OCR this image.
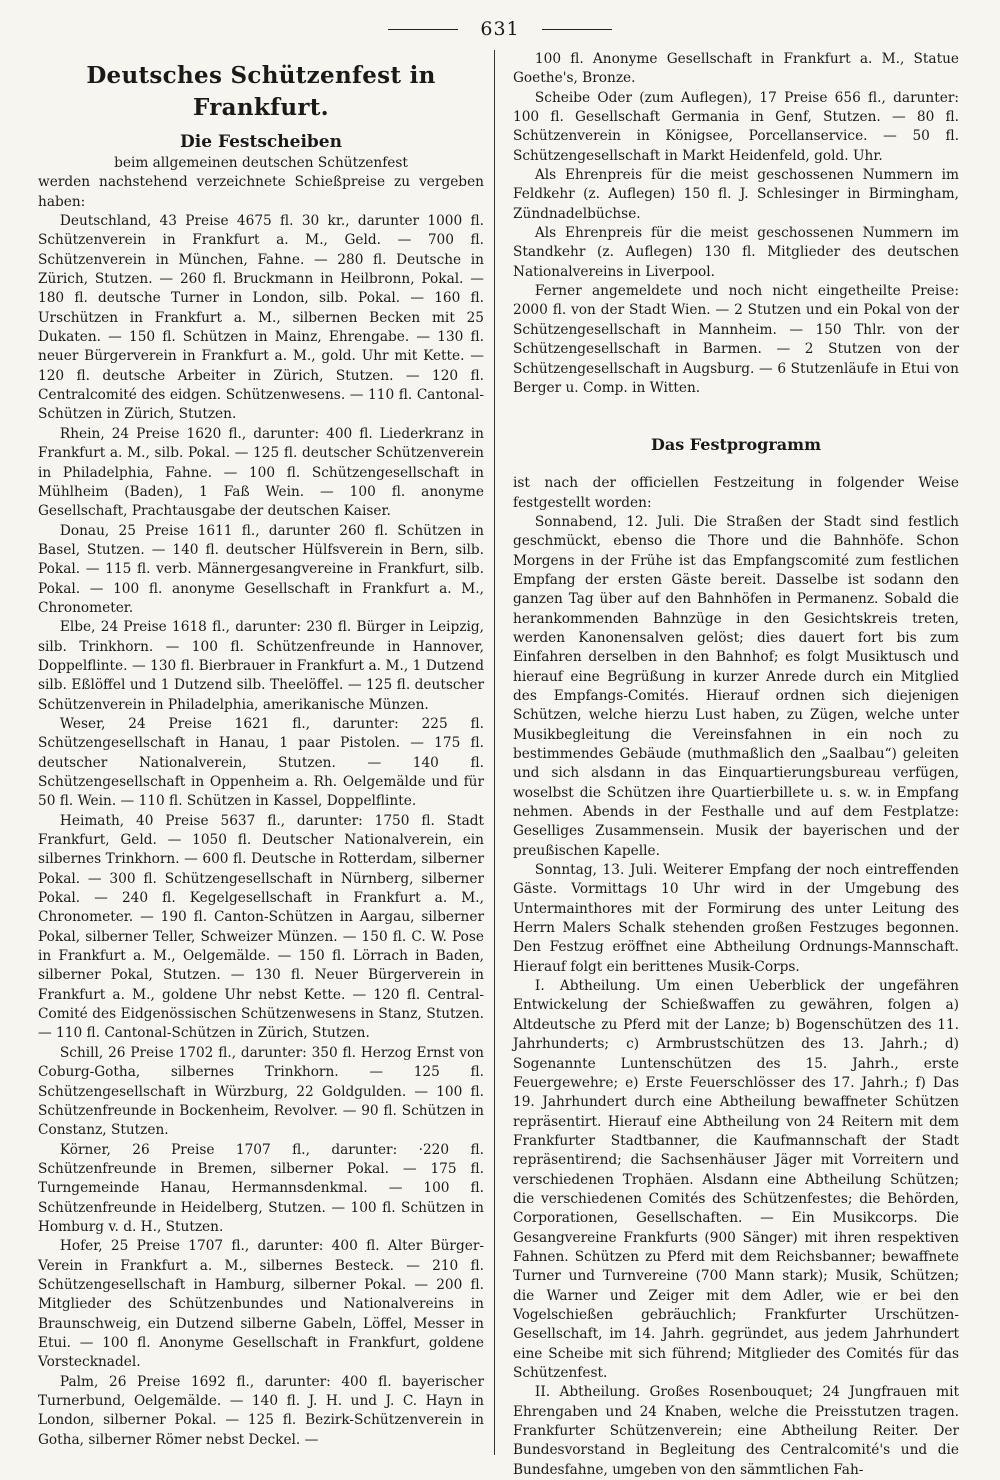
631
Deutsches Schützenfest in Frankfurt.
Die Festscheiben

beim allgemeinen deutschen Schützenfest

werden nachstehend verzeichnete Schießpreise zu vergeben haben:

Deutschland, 43 Preise 4675 fl. 30 kr., darunter 1000 fl. Schützenverein in Frankfurt a. M., Geld. — 700 fl. Schützenverein in München, Fahne. — 280 fl. Deutsche in Zürich, Stutzen. — 260 fl. Bruckmann in Heilbronn, Pokal. — 180 fl. deutsche Turner in London, silb. Pokal. — 160 fl. Urschützen in Frankfurt a. M., silbernen Becken mit 25 Dukaten. — 150 fl. Schützen in Mainz, Ehrengabe. — 130 fl. neuer Bürgerverein in Frankfurt a. M., gold. Uhr mit Kette. — 120 fl. deutsche Arbeiter in Zürich, Stutzen. — 120 fl. Centralcomité des eidgen. Schützenwesens. — 110 fl. Cantonal-Schützen in Zürich, Stutzen.

Rhein, 24 Preise 1620 fl., darunter: 400 fl. Liederkranz in Frankfurt a. M., silb. Pokal. — 125 fl. deutscher Schützenverein in Philadelphia, Fahne. — 100 fl. Schützengesellschaft in Mühlheim (Baden), 1 Faß Wein. — 100 fl. anonyme Gesellschaft, Prachtausgabe der deutschen Kaiser.

Donau, 25 Preise 1611 fl., darunter 260 fl. Schützen in Basel, Stutzen. — 140 fl. deutscher Hülfsverein in Bern, silb. Pokal. — 115 fl. verb. Männergesangvereine in Frankfurt, silb. Pokal. — 100 fl. anonyme Gesellschaft in Frankfurt a. M., Chronometer.

Elbe, 24 Preise 1618 fl., darunter: 230 fl. Bürger in Leipzig, silb. Trinkhorn. — 100 fl. Schützenfreunde in Hannover, Doppelflinte. — 130 fl. Bierbrauer in Frankfurt a. M., 1 Dutzend silb. Eßlöffel und 1 Dutzend silb. Theelöffel. — 125 fl. deutscher Schützenverein in Philadelphia, amerikanische Münzen.

Weser, 24 Preise 1621 fl., darunter: 225 fl. Schützengesellschaft in Hanau, 1 paar Pistolen. — 175 fl. deutscher Nationalverein, Stutzen. — 140 fl. Schützengesellschaft in Oppenheim a. Rh. Oelgemälde und für 50 fl. Wein. — 110 fl. Schützen in Kassel, Doppelflinte.

Heimath, 40 Preise 5637 fl., darunter: 1750 fl. Stadt Frankfurt, Geld. — 1050 fl. Deutscher Nationalverein, ein silbernes Trinkhorn. — 600 fl. Deutsche in Rotterdam, silberner Pokal. — 300 fl. Schützengesellschaft in Nürnberg, silberner Pokal. — 240 fl. Kegelgesellschaft in Frankfurt a. M., Chronometer. — 190 fl. Canton-Schützen in Aargau, silberner Pokal, silberner Teller, Schweizer Münzen. — 150 fl. C. W. Pose in Frankfurt a. M., Oelgemälde. — 150 fl. Lörrach in Baden, silberner Pokal, Stutzen. — 130 fl. Neuer Bürgerverein in Frankfurt a. M., goldene Uhr nebst Kette. — 120 fl. Central-Comité des Eidgenössischen Schützenwesens in Stanz, Stutzen. — 110 fl. Cantonal-Schützen in Zürich, Stutzen.

Schill, 26 Preise 1702 fl., darunter: 350 fl. Herzog Ernst von Coburg-Gotha, silbernes Trinkhorn. — 125 fl. Schützengesellschaft in Würzburg, 22 Goldgulden. — 100 fl. Schützenfreunde in Bockenheim, Revolver. — 90 fl. Schützen in Constanz, Stutzen.

Körner, 26 Preise 1707 fl., darunter: ·220 fl. Schützenfreunde in Bremen, silberner Pokal. — 175 fl. Turngemeinde Hanau, Hermannsdenkmal. — 100 fl. Schützenfreunde in Heidelberg, Stutzen. — 100 fl. Schützen in Homburg v. d. H., Stutzen.

Hofer, 25 Preise 1707 fl., darunter: 400 fl. Alter Bürger-Verein in Frankfurt a. M., silbernes Besteck. — 210 fl. Schützengesellschaft in Hamburg, silberner Pokal. — 200 fl. Mitglieder des Schützenbundes und Nationalvereins in Braunschweig, ein Dutzend silberne Gabeln, Löffel, Messer in Etui. — 100 fl. Anonyme Gesellschaft in Frankfurt, goldene Vorstecknadel.

Palm, 26 Preise 1692 fl., darunter: 400 fl. bayerischer Turnerbund, Oelgemälde. — 140 fl. J. H. und J. C. Hayn in London, silberner Pokal. — 125 fl. Bezirk-Schützenverein in Gotha, silberner Römer nebst Deckel. —

100 fl. Anonyme Gesellschaft in Frankfurt a. M., Statue Goethe's, Bronze.

Scheibe Oder (zum Auflegen), 17 Preise 656 fl., darunter: 100 fl. Gesellschaft Germania in Genf, Stutzen. — 80 fl. Schützenverein in Königsee, Porcellanservice. — 50 fl. Schützengesellschaft in Markt Heidenfeld, gold. Uhr.

Als Ehrenpreis für die meist geschossenen Nummern im Feldkehr (z. Auflegen) 150 fl. J. Schlesinger in Birmingham, Zündnadelbüchse.

Als Ehrenpreis für die meist geschossenen Nummern im Standkehr (z. Auflegen) 130 fl. Mitglieder des deutschen Nationalvereins in Liverpool.

Ferner angemeldete und noch nicht eingetheilte Preise: 2000 fl. von der Stadt Wien. — 2 Stutzen und ein Pokal von der Schützengesellschaft in Mannheim. — 150 Thlr. von der Schützengesellschaft in Barmen. — 2 Stutzen von der Schützengesellschaft in Augsburg. — 6 Stutzenläufe in Etui von Berger u. Comp. in Witten.

Das Festprogramm

ist nach der officiellen Festzeitung in folgender Weise festgestellt worden:

Sonnabend, 12. Juli. Die Straßen der Stadt sind festlich geschmückt, ebenso die Thore und die Bahnhöfe. Schon Morgens in der Frühe ist das Empfangscomité zum festlichen Empfang der ersten Gäste bereit. Dasselbe ist sodann den ganzen Tag über auf den Bahnhöfen in Permanenz. Sobald die herankommenden Bahnzüge in den Gesichtskreis treten, werden Kanonensalven gelöst; dies dauert fort bis zum Einfahren derselben in den Bahnhof; es folgt Musiktusch und hierauf eine Begrüßung in kurzer Anrede durch ein Mitglied des Empfangs-Comités. Hierauf ordnen sich diejenigen Schützen, welche hierzu Lust haben, zu Zügen, welche unter Musikbegleitung die Vereinsfahnen in ein noch zu bestimmendes Gebäude (muthmaßlich den „Saalbau“) geleiten und sich alsdann in das Einquartierungsbureau verfügen, woselbst die Schützen ihre Quartierbillete u. s. w. in Empfang nehmen. Abends in der Festhalle und auf dem Festplatze: Geselliges Zusammensein. Musik der bayerischen und der preußischen Kapelle.

Sonntag, 13. Juli. Weiterer Empfang der noch eintreffenden Gäste. Vormittags 10 Uhr wird in der Umgebung des Untermainthores mit der Formirung des unter Leitung des Herrn Malers Schalk stehenden großen Festzuges begonnen. Den Festzug eröffnet eine Abtheilung Ordnungs-Mannschaft. Hierauf folgt ein berittenes Musik-Corps.

I. Abtheilung. Um einen Ueberblick der ungefähren Entwickelung der Schießwaffen zu gewähren, folgen a) Altdeutsche zu Pferd mit der Lanze; b) Bogenschützen des 11. Jahrhunderts; c) Armbrustschützen des 13. Jahrh.; d) Sogenannte Luntenschützen des 15. Jahrh., erste Feuergewehre; e) Erste Feuerschlösser des 17. Jahrh.; f) Das 19. Jahrhundert durch eine Abtheilung bewaffneter Schützen repräsentirt. Hierauf eine Abtheilung von 24 Reitern mit dem Frankfurter Stadtbanner, die Kaufmannschaft der Stadt repräsentirend; die Sachsenhäuser Jäger mit Vorreitern und verschiedenen Trophäen. Alsdann eine Abtheilung Schützen; die verschiedenen Comités des Schützenfestes; die Behörden, Corporationen, Gesellschaften. — Ein Musikcorps. Die Gesangvereine Frankfurts (900 Sänger) mit ihren respektiven Fahnen. Schützen zu Pferd mit dem Reichsbanner; bewaffnete Turner und Turnvereine (700 Mann stark); Musik, Schützen; die Warner und Zeiger mit dem Adler, wie er bei den Vogelschießen gebräuchlich; Frankfurter Urschützen-Gesellschaft, im 14. Jahrh. gegründet, aus jedem Jahrhundert eine Scheibe mit sich führend; Mitglieder des Comités für das Schützenfest.

II. Abtheilung. Großes Rosenbouquet; 24 Jungfrauen mit Ehrengaben und 24 Knaben, welche die Preisstutzen tragen. Frankfurter Schützenverein; eine Abtheilung Reiter. Der Bundesvorstand in Begleitung des Centralcomité's und die Bundesfahne, umgeben von den sämmtlichen Fah-
